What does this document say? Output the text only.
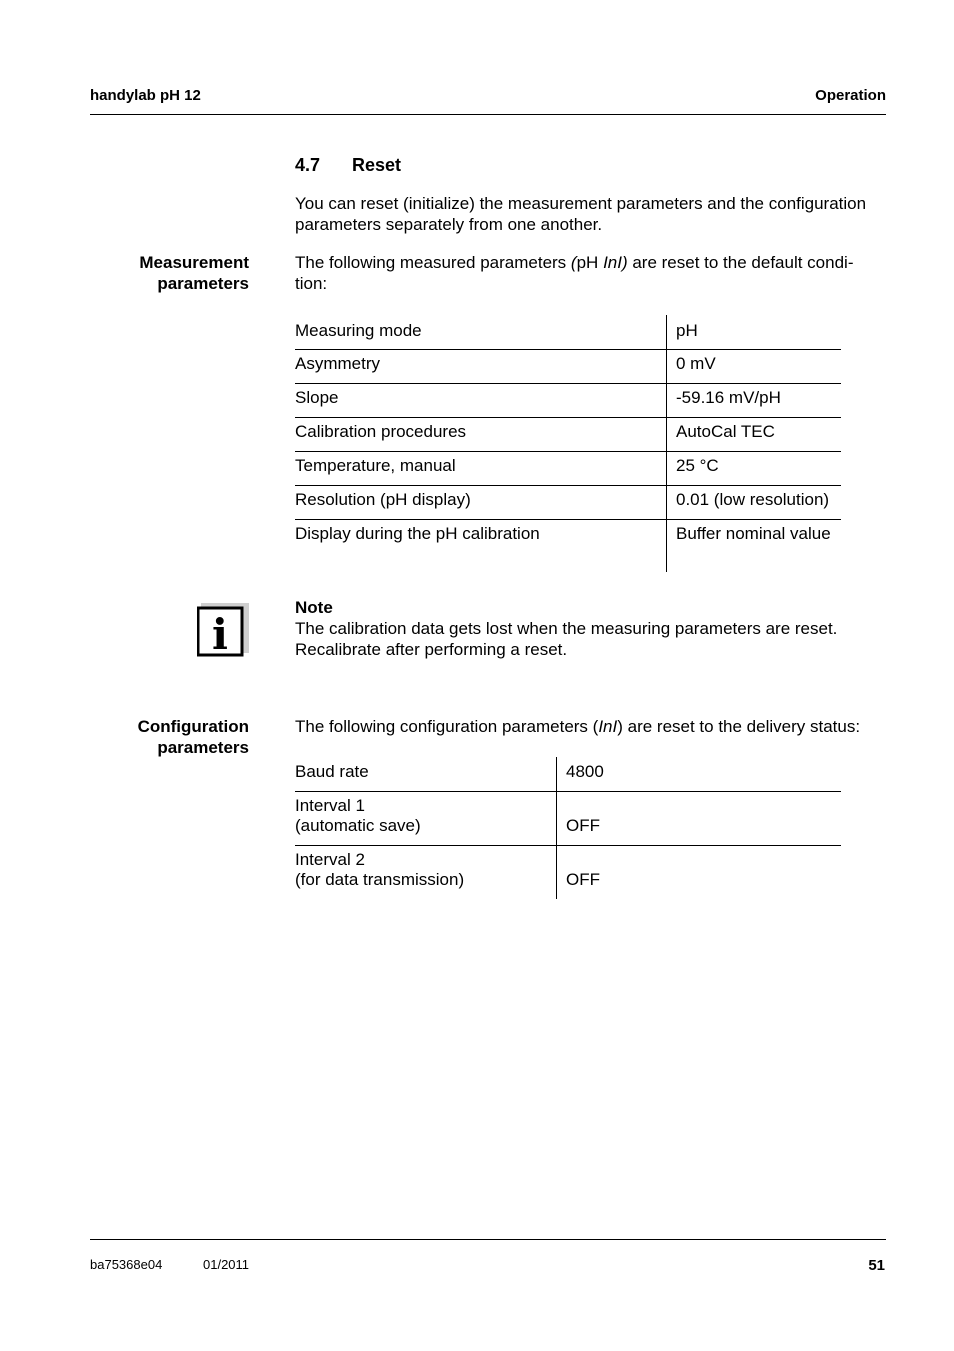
handylab pH 12	Operation
4.7 Reset
You can reset (initialize) the measurement parameters and the configuration parameters separately from one another.
Measurement parameters
The following measured parameters (pH InI) are reset to the default condi-tion:
Measuring mode	pH
Asymmetry	0 mV
Slope	-59.16 mV/pH
Calibration procedures	AutoCal TEC
Temperature, manual	25 °C
Resolution (pH display)	0.01 (low resolution)
Display during the pH calibration	Buffer nominal value
i
Note
The calibration data gets lost when the measuring parameters are reset.
Recalibrate after performing a reset.
Configuration parameters
The following configuration parameters (InI) are reset to the delivery status:
Baud rate	4800

Interval 1
(automatic save)	OFF

Interval 2
(for data transmission)	OFF
ba75368e04	01/2011	51
